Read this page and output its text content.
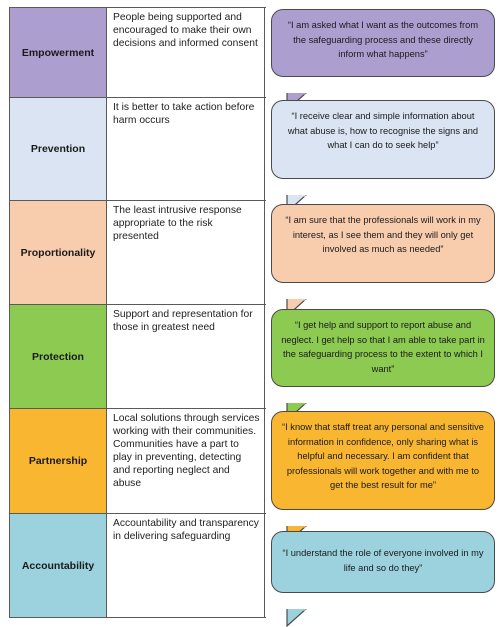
Empowerment
People being supported and encouraged to make their own decisions and informed consent
Prevention
It is better to take action before harm occurs
Proportionality
The least intrusive response appropriate to the risk presented
Protection
Support and representation for those in greatest need
Partnership
Local solutions through services working with their communities. Communities have a part to play in preventing, detecting and reporting neglect and abuse
Accountability
Accountability and transparency in delivering safeguarding
“I am asked what I want as the outcomes from the safeguarding process and these directly inform what happens”
“I receive clear and simple information about what abuse is, how to recognise the signs and what I can do to seek help”
“I am sure that the professionals will work in my interest, as I see them and they will only get involved as much as needed”
“I get help and support to report abuse and neglect. I get help so that I am able to take part in the safeguarding process to the extent to which I want”
“I know that staff treat any personal and sensitive information in confidence, only sharing what is helpful and necessary. I am confident that professionals will work together and with me to get the best result for me”
“I understand the role of everyone involved in my life and so do they”
